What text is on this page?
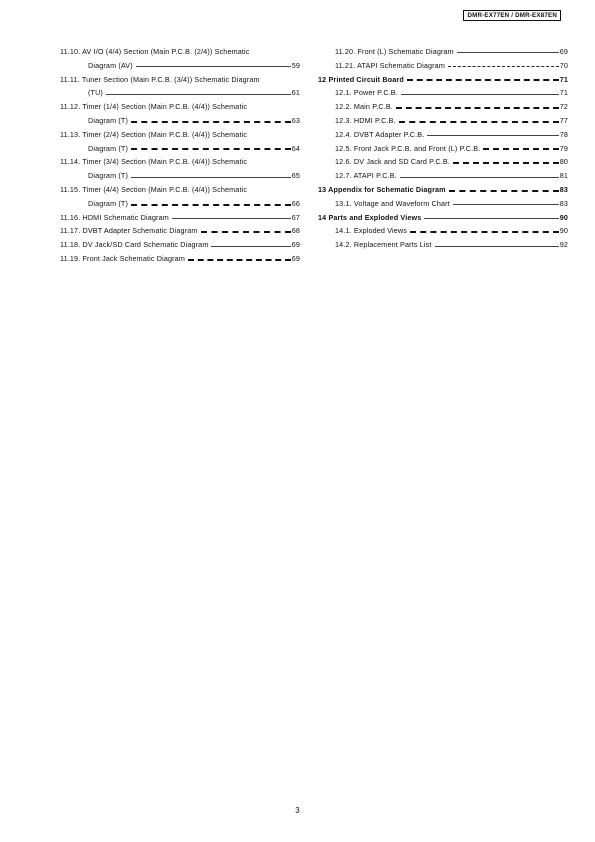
DMR-EX77EN / DMR-EX87EN
11.10. AV I/O (4/4) Section (Main P.C.B. (2/4)) Schematic
Diagram (AV)	59
11.11. Tuner Section (Main P.C.B. (3/4)) Schematic Diagram
(TU)	61
11.12. Timer (1/4) Section (Main P.C.B. (4/4)) Schematic
Diagram (T)	63
11.13. Timer (2/4) Section (Main P.C.B. (4/4)) Schematic
Diagram (T)	64
11.14. Timer (3/4) Section (Main P.C.B. (4/4)) Schematic
Diagram (T)	65
11.15. Timer (4/4) Section (Main P.C.B. (4/4)) Schematic
Diagram (T)	66
11.16. HDMI Schematic Diagram	67
11.17. DVBT Adapter Schematic Diagram	68
11.18. DV Jack/SD Card Schematic Diagram	69
11.19. Front Jack Schematic Diagram	69
11.20. Front (L) Schematic Diagram	69
11.21. ATAPI Schematic Diagram	70
12 Printed Circuit Board	71
12.1. Power P.C.B.	71
12.2. Main P.C.B.	72
12.3. HDMI P.C.B.	77
12.4. DVBT Adapter P.C.B.	78
12.5. Front Jack P.C.B. and Front (L) P.C.B.	79
12.6. DV Jack and SD Card P.C.B.	80
12.7. ATAPI P.C.B.	81
13 Appendix for Schematic Diagram	83
13.1. Voltage and Waveform Chart	83
14 Parts and Exploded Views	90
14.1. Exploded Views	90
14.2. Replacement Parts List	92
3
